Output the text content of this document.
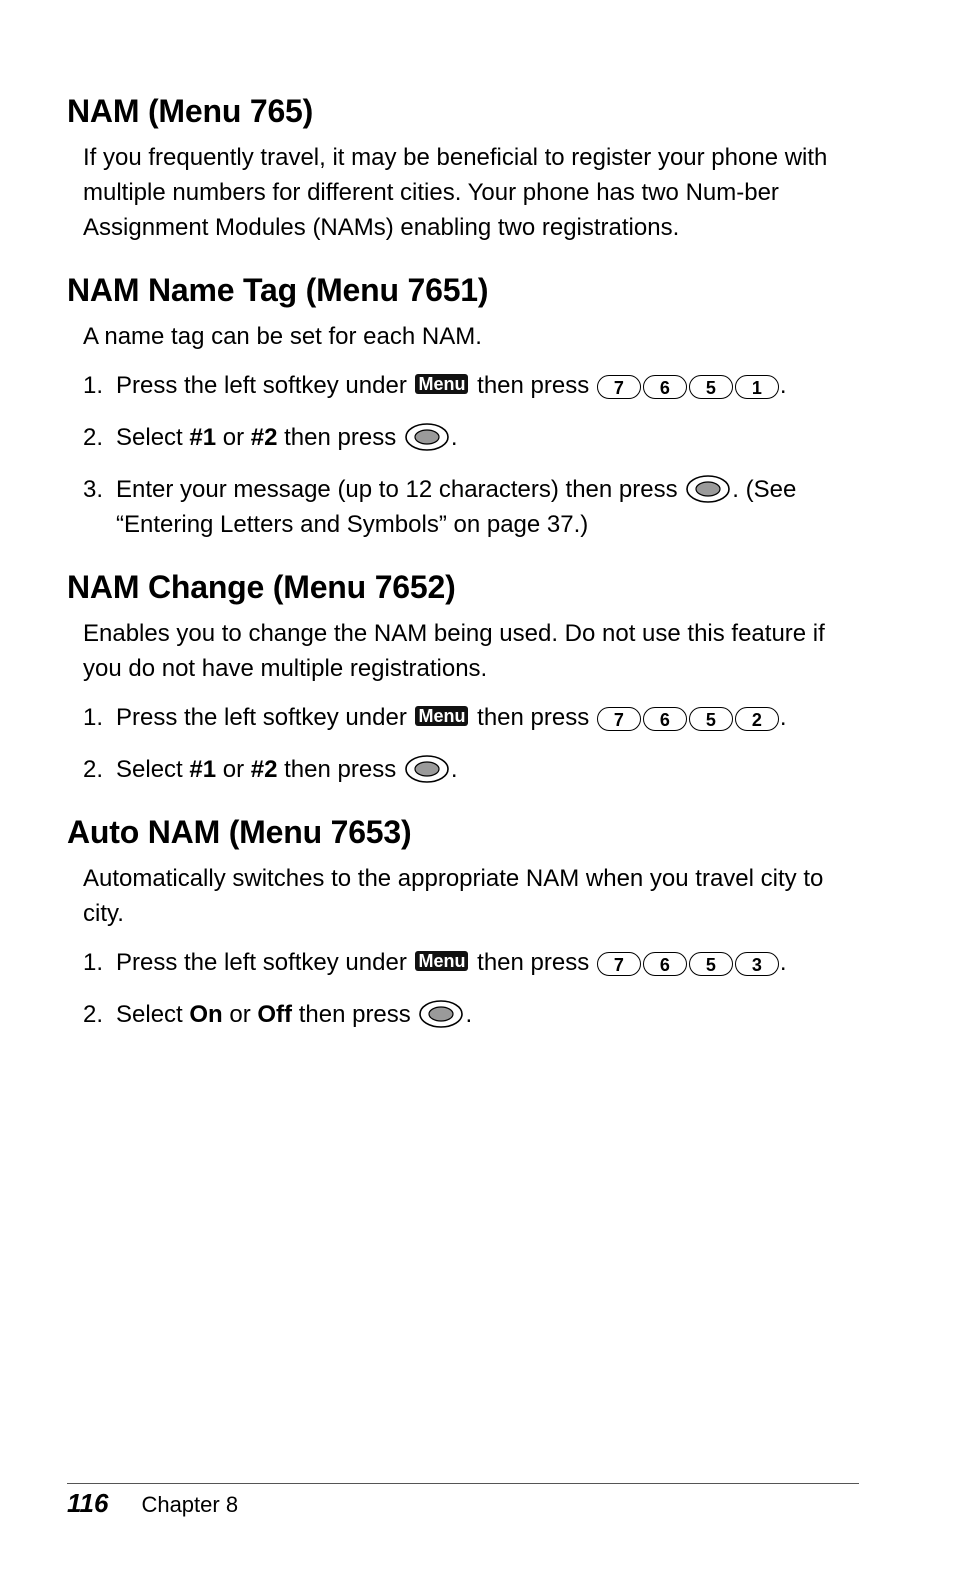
NAM (Menu 765)

If you frequently travel, it may be beneficial to register your phone with multiple numbers for different cities. Your phone has two Num-ber Assignment Modules (NAMs) enabling two registrations.

NAM Name Tag (Menu 7651)

A name tag can be set for each NAM.

1. Press the left softkey under Menu then press 7 6 5 1 .
2. Select #1 or #2 then press .
3. Enter your message (up to 12 characters) then press . (See “Entering Letters and Symbols” on page 37.)
NAM Change (Menu 7652)

Enables you to change the NAM being used. Do not use this feature if you do not have multiple registrations.

1. Press the left softkey under Menu then press 7 6 5 2 .
2. Select #1 or #2 then press .
Auto NAM (Menu 7653)

Automatically switches to the appropriate NAM when you travel city to city.

1. Press the left softkey under Menu then press 7 6 5 3 .
2. Select On or Off then press .
116 Chapter 8
